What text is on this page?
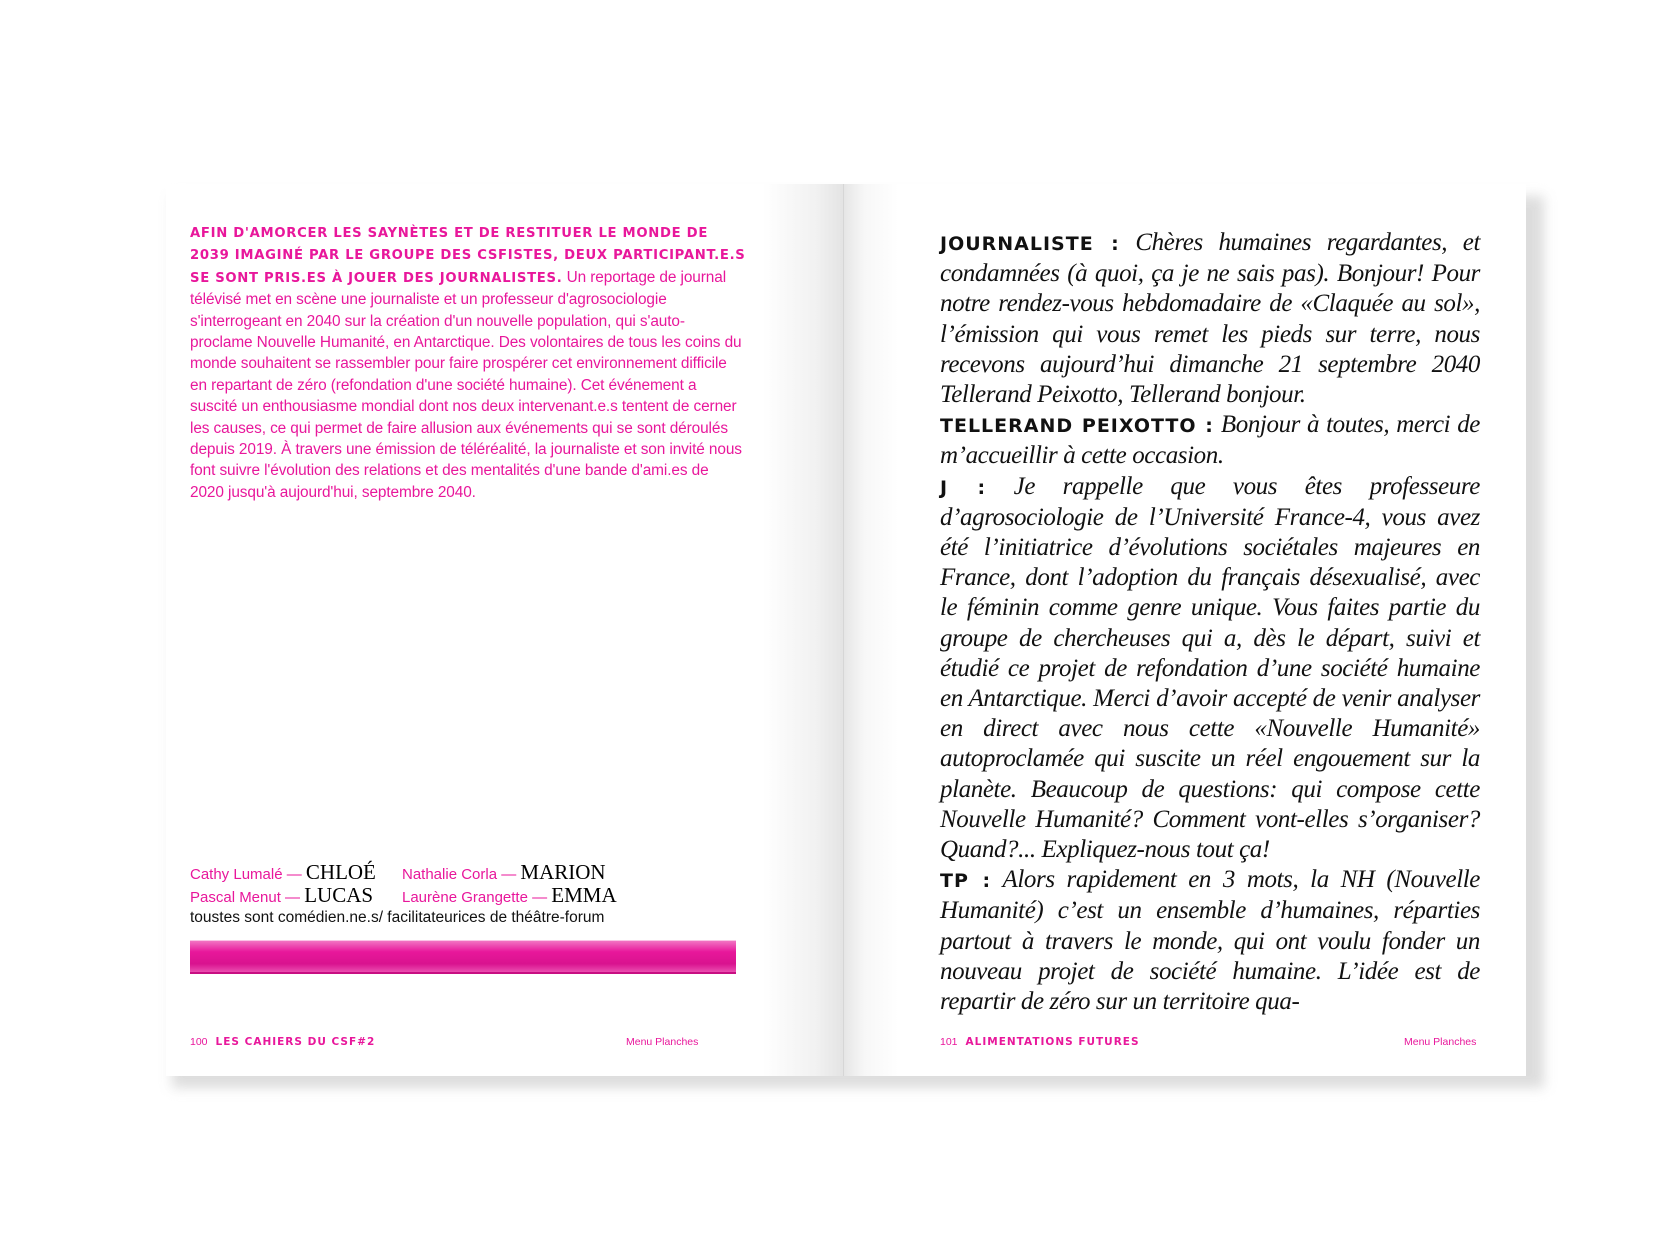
AFIN D'AMORCER LES SAYNÈTES ET DE RESTITUER LE MONDE DE 2039 IMAGINÉ PAR LE GROUPE DES CSFISTES, DEUX PARTICIPANT.E.S SE SONT PRIS.ES À JOUER DES JOURNALISTES. Un reportage de journal télévisé met en scène une journaliste et un professeur d'agrosociologie s'interrogeant en 2040 sur la création d'un nouvelle population, qui s'auto-proclame Nouvelle Humanité, en Antarctique. Des volontaires de tous les coins du monde souhaitent se rassembler pour faire prospérer cet environnement difficile en repartant de zéro (refondation d'une société humaine). Cet événement a suscité un enthousiasme mondial dont nos deux intervenant.e.s tentent de cerner les causes, ce qui permet de faire allusion aux événements qui se sont déroulés depuis 2019. À travers une émission de téléréalité, la journaliste et son invité nous font suivre l'évolution des relations et des mentalités d'une bande d'ami.es de 2020 jusqu'à aujourd'hui, septembre 2040.
Cathy Lumalé — CHLOÉ Nathalie Corla — MARION
Pascal Menut — LUCAS Laurène Grangette — EMMA
toustes sont comédien.ne.s/ facilitateurices de théâtre-forum
100 LES CAHIERS DU CSF#2	Menu Planches

JOURNALISTE : Chères humaines regardantes, et condamnées (à quoi, ça je ne sais pas). Bonjour! Pour notre rendez-vous hebdomadaire de «Claquée au sol», l’émission qui vous remet les pieds sur terre, nous recevons aujourd’hui dimanche 21 septembre 2040 Tellerand Peixotto, Tellerand bonjour.

TELLERAND PEIXOTTO : Bonjour à toutes, merci de m’accueillir à cette occasion.

J : Je rappelle que vous êtes professeure d’agrosociologie de l’Université France-4, vous avez été l’initiatrice d’évolutions sociétales majeures en France, dont l’adoption du français désexualisé, avec le féminin comme genre unique. Vous faites partie du groupe de chercheuses qui a, dès le départ, suivi et étudié ce projet de refondation d’une société humaine en Antarctique. Merci d’avoir accepté de venir analyser en direct avec nous cette «Nouvelle Humanité» autoproclamée qui suscite un réel engouement sur la planète. Beaucoup de questions: qui compose cette Nouvelle Humanité? Comment vont-elles s’organiser? Quand?... Expliquez-nous tout ça!

TP : Alors rapidement en 3 mots, la NH (Nouvelle Humanité) c’est un ensemble d’humaines, réparties partout à travers le monde, qui ont voulu fonder un nouveau projet de société humaine. L’idée est de repartir de zéro sur un territoire qua-

101 ALIMENTATIONS FUTURES	Menu Planches
